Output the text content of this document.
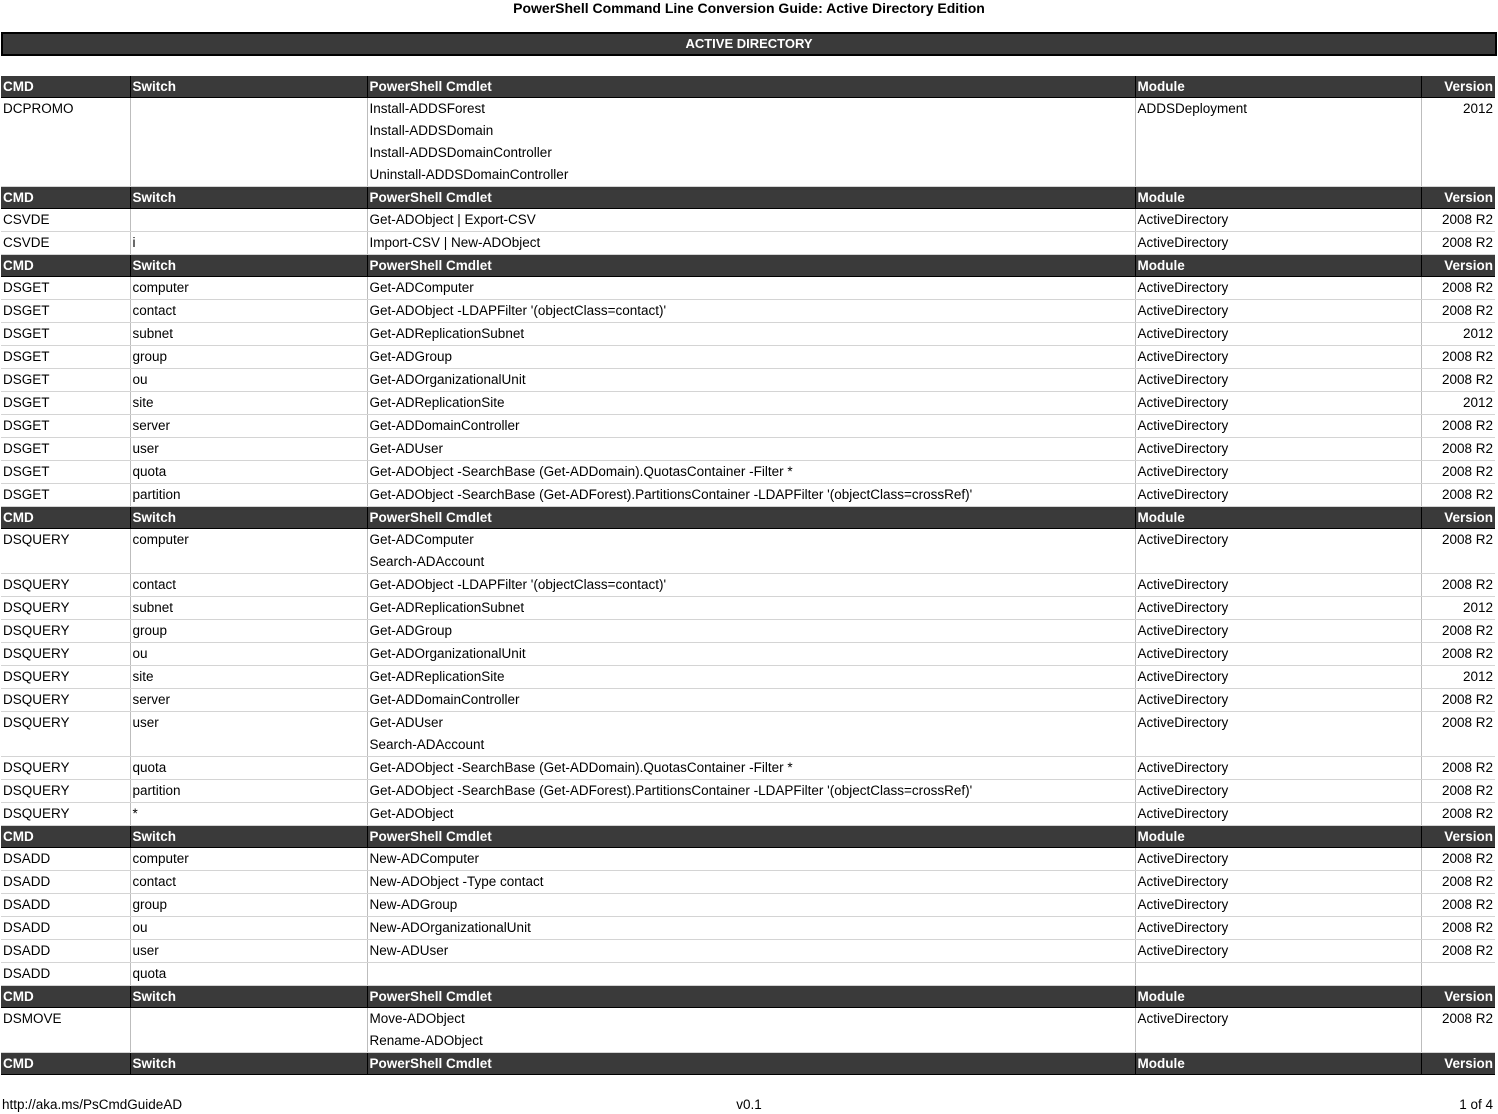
PowerShell Command Line Conversion Guide: Active Directory Edition
ACTIVE DIRECTORY
CMD	Switch	PowerShell Cmdlet	Module	Version
DCPROMO		Install-ADDSForest
Install-ADDSDomain
Install-ADDSDomainController
Uninstall-ADDSDomainController	ADDSDeployment	2012
CMD	Switch	PowerShell Cmdlet	Module	Version
CSVDE		Get-ADObject | Export-CSV	ActiveDirectory	2008 R2
CSVDE	i	Import-CSV | New-ADObject	ActiveDirectory	2008 R2
CMD	Switch	PowerShell Cmdlet	Module	Version
DSGET	computer	Get-ADComputer	ActiveDirectory	2008 R2
DSGET	contact	Get-ADObject -LDAPFilter '(objectClass=contact)'	ActiveDirectory	2008 R2
DSGET	subnet	Get-ADReplicationSubnet	ActiveDirectory	2012
DSGET	group	Get-ADGroup	ActiveDirectory	2008 R2
DSGET	ou	Get-ADOrganizationalUnit	ActiveDirectory	2008 R2
DSGET	site	Get-ADReplicationSite	ActiveDirectory	2012
DSGET	server	Get-ADDomainController	ActiveDirectory	2008 R2
DSGET	user	Get-ADUser	ActiveDirectory	2008 R2
DSGET	quota	Get-ADObject -SearchBase (Get-ADDomain).QuotasContainer -Filter *	ActiveDirectory	2008 R2
DSGET	partition	Get-ADObject -SearchBase (Get-ADForest).PartitionsContainer -LDAPFilter '(objectClass=crossRef)'	ActiveDirectory	2008 R2
CMD	Switch	PowerShell Cmdlet	Module	Version
DSQUERY	computer	Get-ADComputer
Search-ADAccount	ActiveDirectory	2008 R2
DSQUERY	contact	Get-ADObject -LDAPFilter '(objectClass=contact)'	ActiveDirectory	2008 R2
DSQUERY	subnet	Get-ADReplicationSubnet	ActiveDirectory	2012
DSQUERY	group	Get-ADGroup	ActiveDirectory	2008 R2
DSQUERY	ou	Get-ADOrganizationalUnit	ActiveDirectory	2008 R2
DSQUERY	site	Get-ADReplicationSite	ActiveDirectory	2012
DSQUERY	server	Get-ADDomainController	ActiveDirectory	2008 R2
DSQUERY	user	Get-ADUser
Search-ADAccount	ActiveDirectory	2008 R2
DSQUERY	quota	Get-ADObject -SearchBase (Get-ADDomain).QuotasContainer -Filter *	ActiveDirectory	2008 R2
DSQUERY	partition	Get-ADObject -SearchBase (Get-ADForest).PartitionsContainer -LDAPFilter '(objectClass=crossRef)'	ActiveDirectory	2008 R2
DSQUERY	*	Get-ADObject	ActiveDirectory	2008 R2
CMD	Switch	PowerShell Cmdlet	Module	Version
DSADD	computer	New-ADComputer	ActiveDirectory	2008 R2
DSADD	contact	New-ADObject -Type contact	ActiveDirectory	2008 R2
DSADD	group	New-ADGroup	ActiveDirectory	2008 R2
DSADD	ou	New-ADOrganizationalUnit	ActiveDirectory	2008 R2
DSADD	user	New-ADUser	ActiveDirectory	2008 R2
DSADD	quota	

CMD	Switch	PowerShell Cmdlet	Module	Version
DSMOVE		Move-ADObject
Rename-ADObject	ActiveDirectory	2008 R2
CMD	Switch	PowerShell Cmdlet	Module	Version
http://aka.ms/PsCmdGuideAD	v0.1	1 of 4
